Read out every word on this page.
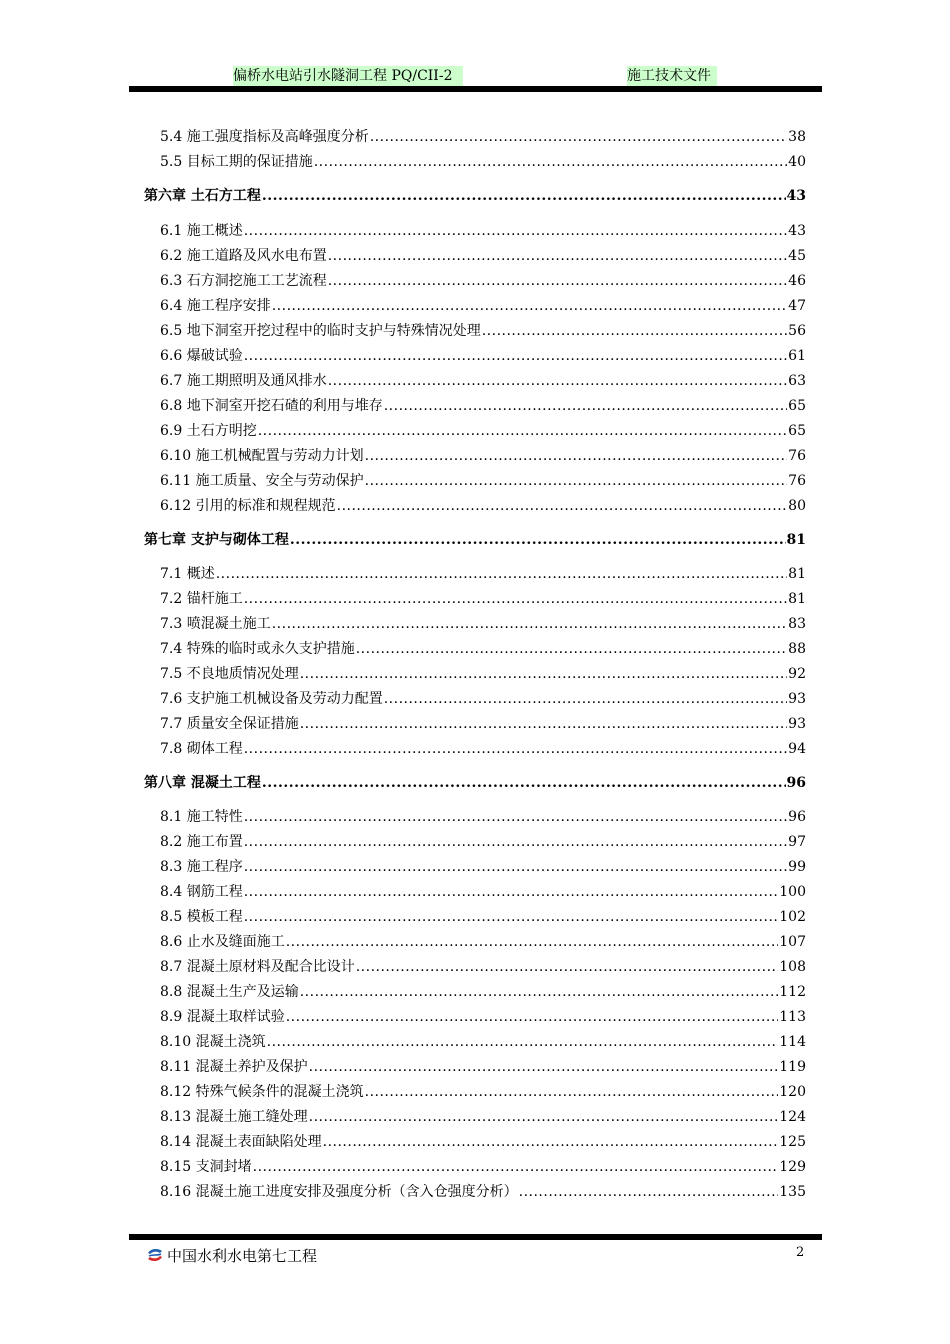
偏桥水电站引水隧洞工程 PQ/CII-2	施工技术文件
5.4 施工强度指标及高峰强度分析 .....	38
5.5 目标工期的保证措施 .....	40
第六章 土石方工程 .....	43
6.1 施工概述 .....	43
6.2 施工道路及风水电布置 .....	45
6.3 石方洞挖施工工艺流程 .....	46
6.4 施工程序安排 .....	47
6.5 地下洞室开挖过程中的临时支护与特殊情况处理 .....	56
6.6 爆破试验 .....	61
6.7 施工期照明及通风排水 .....	63
6.8 地下洞室开挖石碴的利用与堆存 .....	65
6.9 土石方明挖 .....	65
6.10 施工机械配置与劳动力计划 .....	76
6.11 施工质量、安全与劳动保护 .....	76
6.12 引用的标准和规程规范 .....	80
第七章 支护与砌体工程 .....	81
7.1 概述 .....	81
7.2 锚杆施工 .....	81
7.3 喷混凝土施工 .....	83
7.4 特殊的临时或永久支护措施 .....	88
7.5 不良地质情况处理 .....	92
7.6 支护施工机械设备及劳动力配置 .....	93
7.7 质量安全保证措施 .....	93
7.8 砌体工程 .....	94
第八章 混凝土工程 .....	96
8.1 施工特性 .....	96
8.2 施工布置 .....	97
8.3 施工程序 .....	99
8.4 钢筋工程 .....	100
8.5 模板工程 .....	102
8.6 止水及缝面施工 .....	107
8.7 混凝土原材料及配合比设计 .....	108
8.8 混凝土生产及运输 .....	112
8.9 混凝土取样试验 .....	113
8.10 混凝土浇筑 .....	114
8.11 混凝土养护及保护 .....	119
8.12 特殊气候条件的混凝土浇筑 .....	120
8.13 混凝土施工缝处理 .....	124
8.14 混凝土表面缺陷处理 .....	125
8.15 支洞封堵 .....	129
8.16 混凝土施工进度安排及强度分析（含入仓强度分析） .....	135
中国水利水电第七工程	2
